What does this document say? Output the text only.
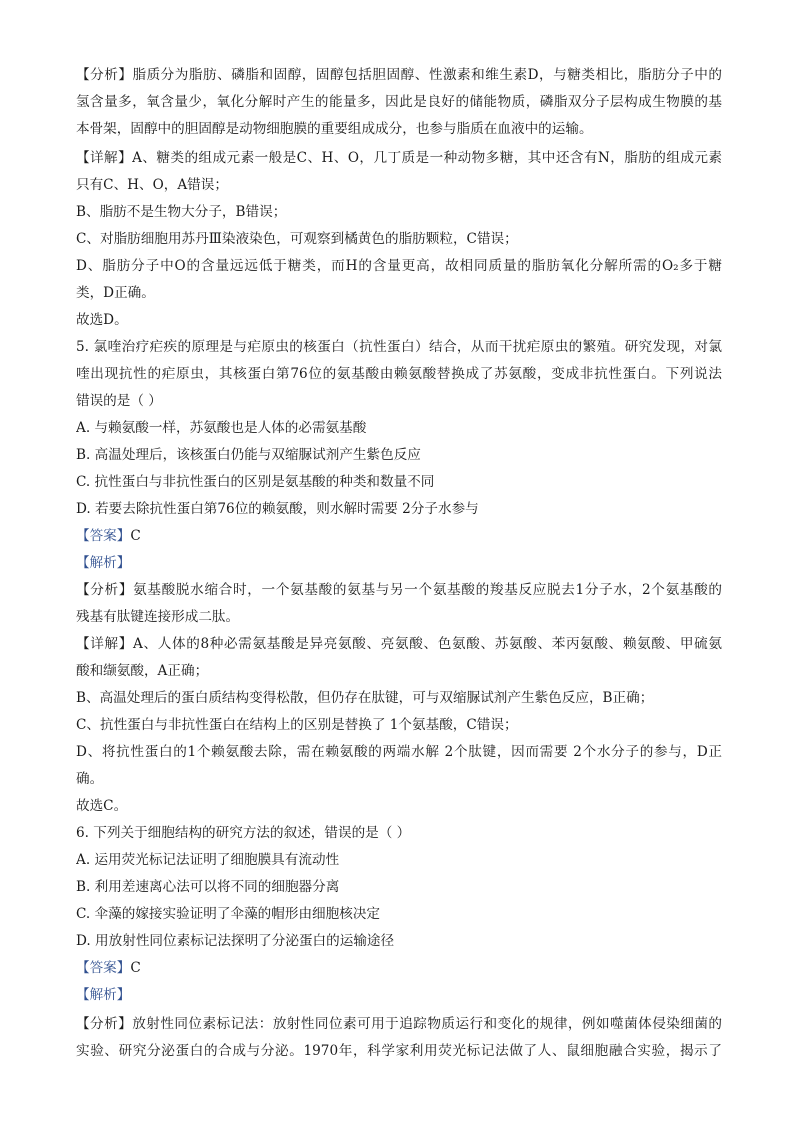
【分析】脂质分为脂肪、磷脂和固醇，固醇包括胆固醇、性激素和维生素D，与糖类相比，脂肪分子中的
氢含量多，氧含量少，氧化分解时产生的能量多，因此是良好的储能物质，磷脂双分子层构成生物膜的基
本骨架，固醇中的胆固醇是动物细胞膜的重要组成成分，也参与脂质在血液中的运输。
【详解】A、糖类的组成元素一般是C、H、O，几丁质是一种动物多糖，其中还含有N，脂肪的组成元素
只有C、H、O，A错误；
B、脂肪不是生物大分子，B错误；
C、对脂肪细胞用苏丹Ⅲ染液染色，可观察到橘黄色的脂肪颗粒，C错误；
D、脂肪分子中O的含量远远低于糖类，而H的含量更高，故相同质量的脂肪氧化分解所需的O₂多于糖
类，D正确。
故选D。
5. 氯喹治疗疟疾的原理是与疟原虫的核蛋白（抗性蛋白）结合，从而干扰疟原虫的繁殖。研究发现，对氯
喹出现抗性的疟原虫，其核蛋白第76位的氨基酸由赖氨酸替换成了苏氨酸，变成非抗性蛋白。下列说法
错误的是（ ）
A. 与赖氨酸一样，苏氨酸也是人体的必需氨基酸
B. 高温处理后，该核蛋白仍能与双缩脲试剂产生紫色反应
C. 抗性蛋白与非抗性蛋白的区别是氨基酸的种类和数量不同
D. 若要去除抗性蛋白第76位的赖氨酸，则水解时需要 2分子水参与
【答案】C
【解析】
【分析】氨基酸脱水缩合时，一个氨基酸的氨基与另一个氨基酸的羧基反应脱去1分子水，2个氨基酸的
残基有肽键连接形成二肽。
【详解】A、人体的8种必需氨基酸是异亮氨酸、亮氨酸、色氨酸、苏氨酸、苯丙氨酸、赖氨酸、甲硫氨
酸和缬氨酸，A正确；
B、高温处理后的蛋白质结构变得松散，但仍存在肽键，可与双缩脲试剂产生紫色反应，B正确；
C、抗性蛋白与非抗性蛋白在结构上的区别是替换了 1个氨基酸，C错误；
D、将抗性蛋白的1个赖氨酸去除，需在赖氨酸的两端水解 2个肽键，因而需要 2个水分子的参与，D正
确。
故选C。
6. 下列关于细胞结构的研究方法的叙述，错误的是（ ）
A. 运用荧光标记法证明了细胞膜具有流动性
B. 利用差速离心法可以将不同的细胞器分离
C. 伞藻的嫁接实验证明了伞藻的帽形由细胞核决定
D. 用放射性同位素标记法探明了分泌蛋白的运输途径
【答案】C
【解析】
【分析】放射性同位素标记法：放射性同位素可用于追踪物质运行和变化的规律，例如噬菌体侵染细菌的
实验、研究分泌蛋白的合成与分泌。1970年，科学家利用荧光标记法做了人、鼠细胞融合实验，揭示了
